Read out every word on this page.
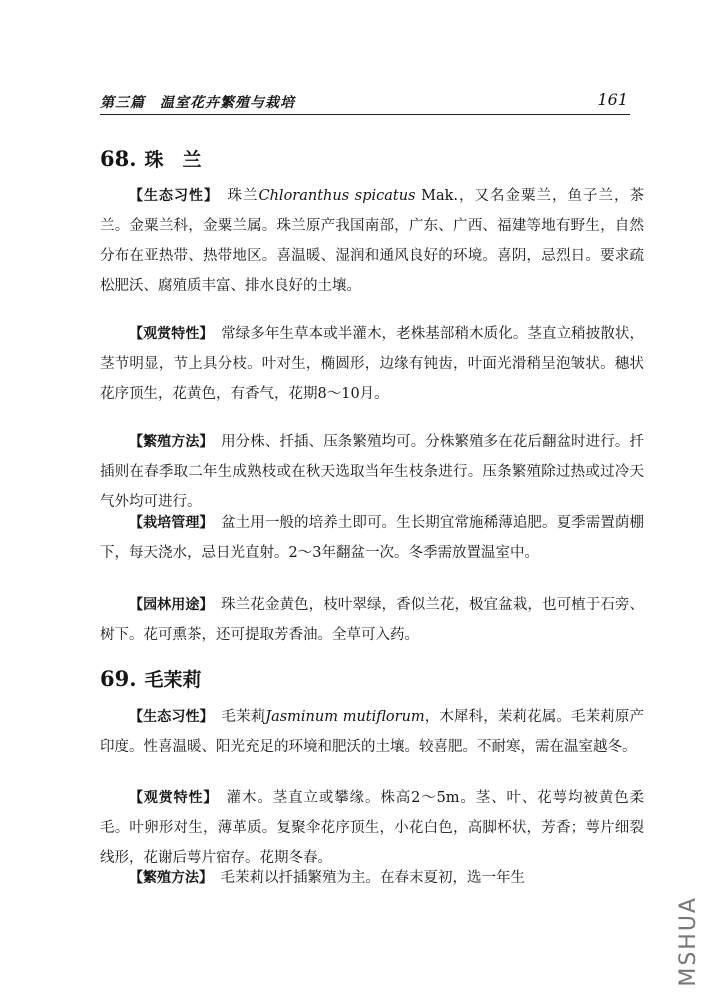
第三篇　温室花卉繁殖与栽培	161
68. 珠　兰

【生态习性】　珠兰Chloranthus spicatus Mak.，又名金粟兰，鱼子兰，茶兰。金粟兰科，金粟兰属。珠兰原产我国南部，广东、广西、福建等地有野生，自然分布在亚热带、热带地区。喜温暖、湿润和通风良好的环境。喜阴，忌烈日。要求疏松肥沃、腐殖质丰富、排水良好的土壤。

【观赏特性】　常绿多年生草本或半灌木，老株基部稍木质化。茎直立稍披散状，茎节明显，节上具分枝。叶对生，椭圆形，边缘有钝齿，叶面光滑稍呈泡皱状。穗状花序顶生，花黄色，有香气，花期8～10月。

【繁殖方法】　用分株、扦插、压条繁殖均可。分株繁殖多在花后翻盆时进行。扦插则在春季取二年生成熟枝或在秋天选取当年生枝条进行。压条繁殖除过热或过冷天气外均可进行。

【栽培管理】　盆土用一般的培养土即可。生长期宜常施稀薄追肥。夏季需置荫棚下，每天浇水，忌日光直射。2～3年翻盆一次。冬季需放置温室中。

【园林用途】　珠兰花金黄色，枝叶翠绿，香似兰花，极宜盆栽，也可植于石旁、树下。花可熏茶，还可提取芳香油。全草可入药。

69. 毛茉莉

【生态习性】　毛茉莉Jasminum mutiflorum，木犀科，茉莉花属。毛茉莉原产印度。性喜温暖、阳光充足的环境和肥沃的土壤。较喜肥。不耐寒，需在温室越冬。

【观赏特性】　灌木。茎直立或攀缘。株高2～5m。茎、叶、花萼均被黄色柔毛。叶卵形对生，薄革质。复聚伞花序顶生，小花白色，高脚杯状，芳香；萼片细裂线形，花谢后萼片宿存。花期冬春。

【繁殖方法】　毛茉莉以扦插繁殖为主。在春末夏初，选一年生

MSHUA
